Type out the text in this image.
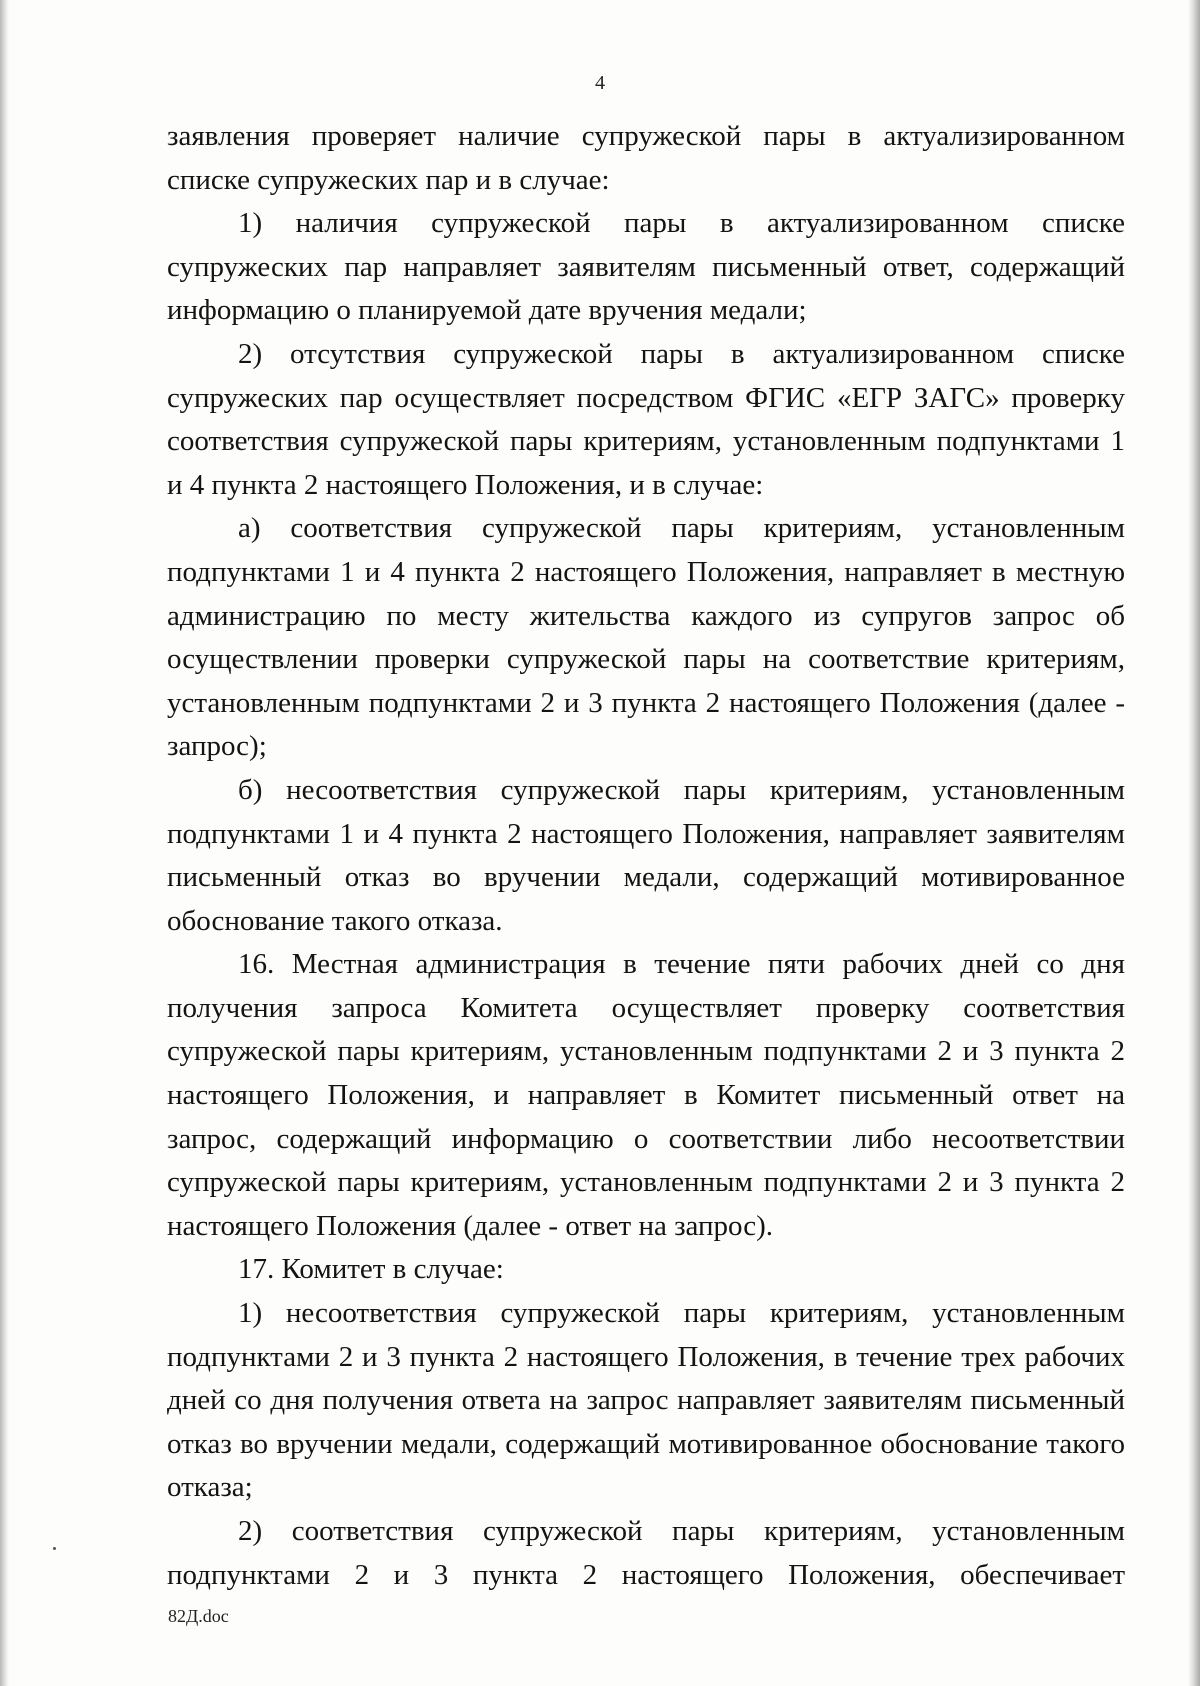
4

заявления проверяет наличие супружеской пары в актуализированном списке супружеских пар и в случае:

1) наличия супружеской пары в актуализированном списке супружеских пар направляет заявителям письменный ответ, содержащий информацию о планируемой дате вручения медали;

2) отсутствия супружеской пары в актуализированном списке супружеских пар осуществляет посредством ФГИС «ЕГР ЗАГС» проверку соответствия супружеской пары критериям, установленным подпунктами 1 и 4 пункта 2 настоящего Положения, и в случае:

а) соответствия супружеской пары критериям, установленным подпунктами 1 и 4 пункта 2 настоящего Положения, направляет в местную администрацию по месту жительства каждого из супругов запрос об осуществлении проверки супружеской пары на соответствие критериям, установленным подпунктами 2 и 3 пункта 2 настоящего Положения (далее - запрос);

б) несоответствия супружеской пары критериям, установленным подпунктами 1 и 4 пункта 2 настоящего Положения, направляет заявителям письменный отказ во вручении медали, содержащий мотивированное обоснование такого отказа.

16. Местная администрация в течение пяти рабочих дней со дня получения запроса Комитета осуществляет проверку соответствия супружеской пары критериям, установленным подпунктами 2 и 3 пункта 2 настоящего Положения, и направляет в Комитет письменный ответ на запрос, содержащий информацию о соответствии либо несоответствии супружеской пары критериям, установленным подпунктами 2 и 3 пункта 2 настоящего Положения (далее - ответ на запрос).

17. Комитет в случае:

1) несоответствия супружеской пары критериям, установленным подпунктами 2 и 3 пункта 2 настоящего Положения, в течение трех рабочих дней со дня получения ответа на запрос направляет заявителям письменный отказ во вручении медали, содержащий мотивированное обоснование такого отказа;

2) соответствия супружеской пары критериям, установленным подпунктами 2 и 3 пункта 2 настоящего Положения, обеспечивает

82Д.doc
